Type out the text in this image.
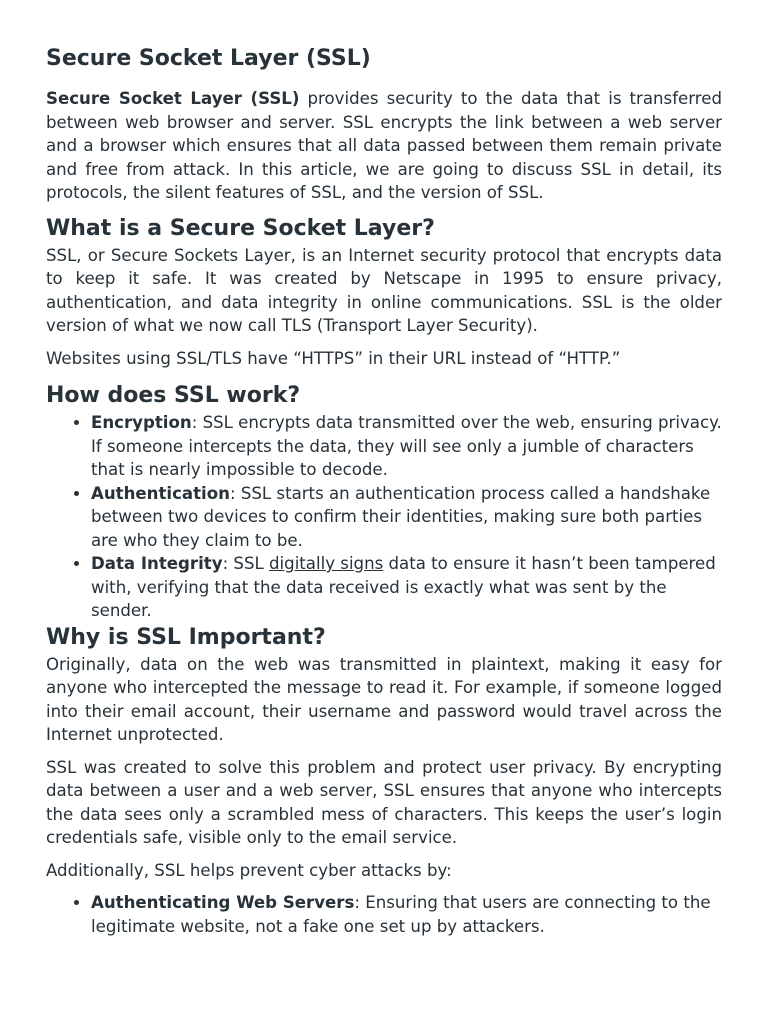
Secure Socket Layer (SSL)

Secure Socket Layer (SSL) provides security to the data that is transferred between web browser and server. SSL encrypts the link between a web server and a browser which ensures that all data passed between them remain private and free from attack. In this article, we are going to discuss SSL in detail, its protocols, the silent features of SSL, and the version of SSL.

What is a Secure Socket Layer?

SSL, or Secure Sockets Layer, is an Internet security protocol that encrypts data to keep it safe. It was created by Netscape in 1995 to ensure privacy, authentication, and data integrity in online communications. SSL is the older version of what we now call TLS (Transport Layer Security).

Websites using SSL/TLS have “HTTPS” in their URL instead of “HTTP.”

How does SSL work?
• Encryption: SSL encrypts data transmitted over the web, ensuring privacy. If someone intercepts the data, they will see only a jumble of characters that is nearly impossible to decode.
• Authentication: SSL starts an authentication process called a handshake between two devices to confirm their identities, making sure both parties are who they claim to be.
• Data Integrity: SSL digitally signs data to ensure it hasn’t been tampered with, verifying that the data received is exactly what was sent by the sender.
Why is SSL Important?

Originally, data on the web was transmitted in plaintext, making it easy for anyone who intercepted the message to read it. For example, if someone logged into their email account, their username and password would travel across the Internet unprotected.

SSL was created to solve this problem and protect user privacy. By encrypting data between a user and a web server, SSL ensures that anyone who intercepts the data sees only a scrambled mess of characters. This keeps the user’s login credentials safe, visible only to the email service.

Additionally, SSL helps prevent cyber attacks by:

• Authenticating Web Servers: Ensuring that users are connecting to the legitimate website, not a fake one set up by attackers.
